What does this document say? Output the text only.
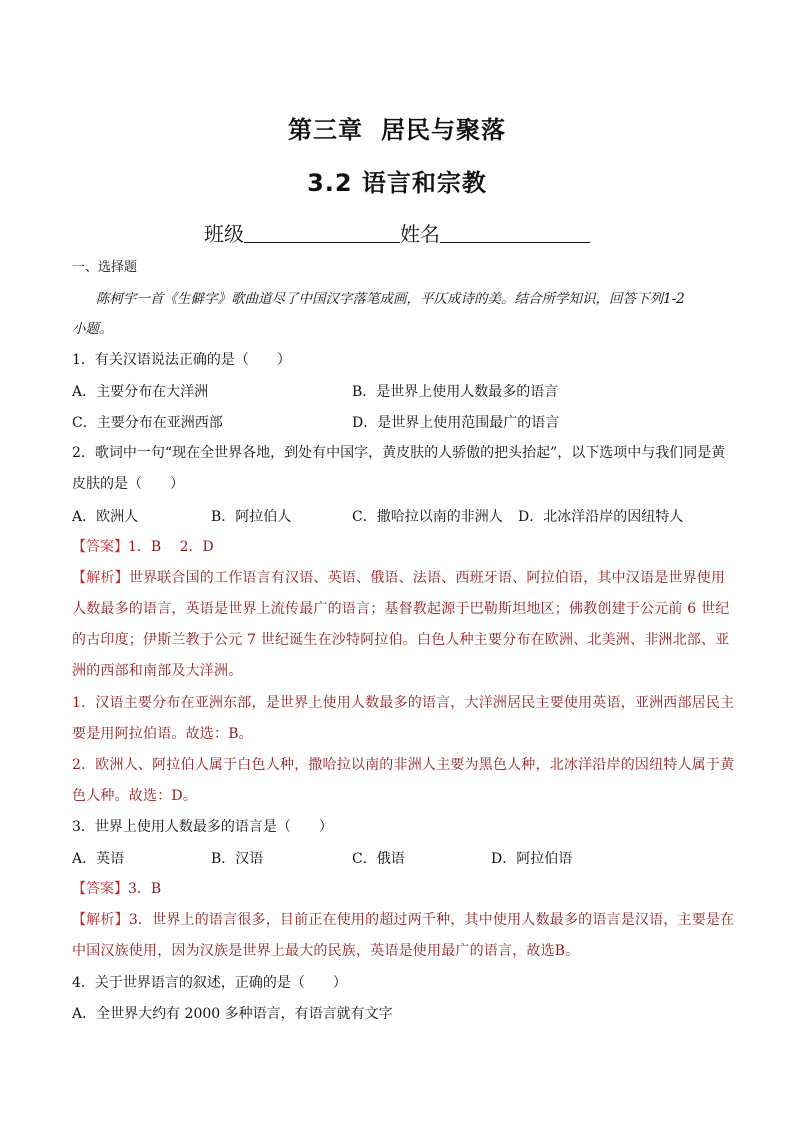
第三章 居民与聚落
3.2 语言和宗教
班级	姓名
一、选择题
陈柯宇一首《生僻字》歌曲道尽了中国汉字落笔成画，平仄成诗的美。结合所学知识，回答下列1-2
小题。
1．有关汉语说法正确的是（　　）
A．主要分布在大洋洲	B．是世界上使用人数最多的语言
C．主要分布在亚洲西部	D．是世界上使用范围最广的语言
2．歌词中一句“现在全世界各地，到处有中国字，黄皮肤的人骄傲的把头抬起”，以下选项中与我们同是黄
皮肤的是（　　）
A．欧洲人	B．阿拉伯人	C．撒哈拉以南的非洲人 D．北冰洋沿岸的因纽特人
【答案】1．B　 2．D
【解析】世界联合国的工作语言有汉语、英语、俄语、法语、西班牙语、阿拉伯语，其中汉语是世界使用
人数最多的语言，英语是世界上流传最广的语言；基督教起源于巴勒斯坦地区；佛教创建于公元前 6 世纪
的古印度；伊斯兰教于公元 7 世纪诞生在沙特阿拉伯。白色人种主要分布在欧洲、北美洲、非洲北部、亚
洲的西部和南部及大洋洲。
1．汉语主要分布在亚洲东部，是世界上使用人数最多的语言，大洋洲居民主要使用英语，亚洲西部居民主
要是用阿拉伯语。故选：B。
2．欧洲人、阿拉伯人属于白色人种，撒哈拉以南的非洲人主要为黑色人种，北冰洋沿岸的因纽特人属于黄
色人种。故选：D。
3．世界上使用人数最多的语言是（　　）
A．英语	B．汉语	C．俄语	D．阿拉伯语
【答案】3．B
【解析】3．世界上的语言很多，目前正在使用的超过两千种，其中使用人数最多的语言是汉语，主要是在
中国汉族使用，因为汉族是世界上最大的民族，英语是使用最广的语言，故选B。
4．关于世界语言的叙述，正确的是（　　）
A．全世界大约有 2000 多种语言，有语言就有文字
